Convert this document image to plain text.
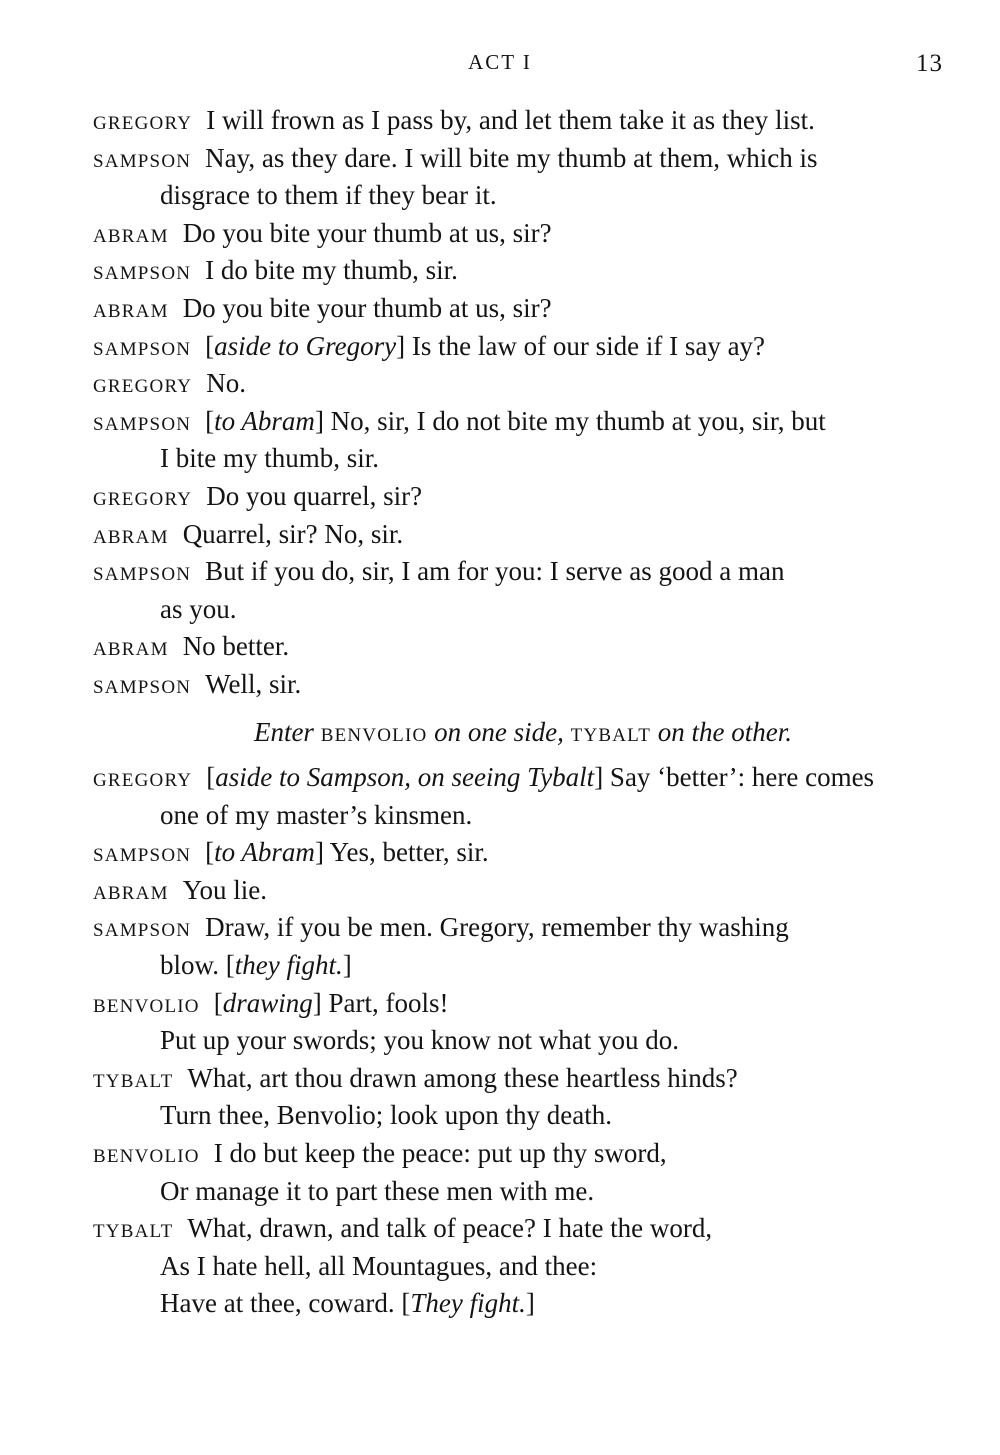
ACT I	13
gregory I will frown as I pass by, and let them take it as they list.
sampson Nay, as they dare. I will bite my thumb at them, which is
disgrace to them if they bear it.
abram Do you bite your thumb at us, sir?
sampson I do bite my thumb, sir.
abram Do you bite your thumb at us, sir?
sampson [aside to Gregory] Is the law of our side if I say ay?
gregory No.
sampson [to Abram] No, sir, I do not bite my thumb at you, sir, but
I bite my thumb, sir.
gregory Do you quarrel, sir?
abram Quarrel, sir? No, sir.
sampson But if you do, sir, I am for you: I serve as good a man
as you.
abram No better.
sampson Well, sir.
Enter benvolio on one side, tybalt on the other.
gregory [aside to Sampson, on seeing Tybalt] Say ‘better’: here comes
one of my master’s kinsmen.
sampson [to Abram] Yes, better, sir.
abram You lie.
sampson Draw, if you be men. Gregory, remember thy washing
blow. [they fight.]
benvolio [drawing] Part, fools!
Put up your swords; you know not what you do.
tybalt What, art thou drawn among these heartless hinds?
Turn thee, Benvolio; look upon thy death.
benvolio I do but keep the peace: put up thy sword,
Or manage it to part these men with me.
tybalt What, drawn, and talk of peace? I hate the word,
As I hate hell, all Mountagues, and thee:
Have at thee, coward. [They fight.]
